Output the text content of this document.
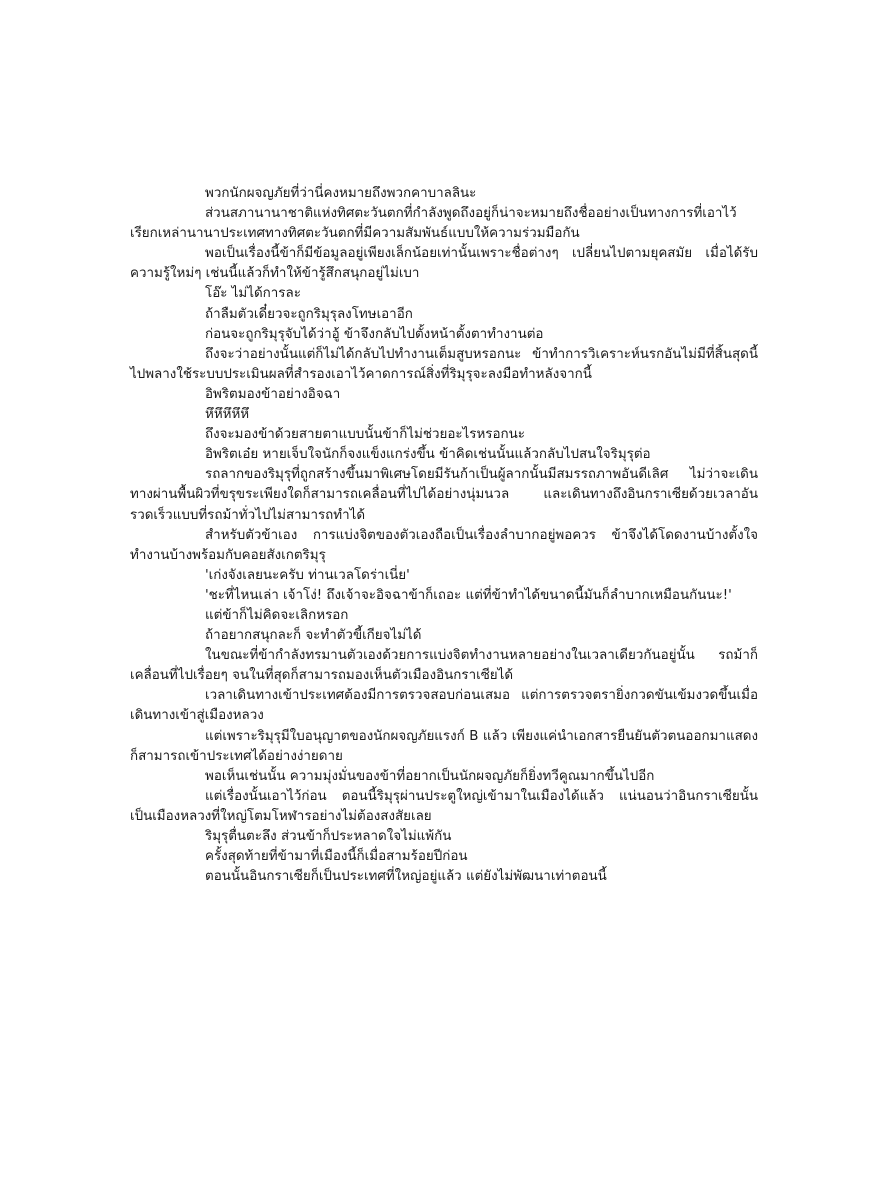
พวกนักผจญภัยที่ว่านี่คงหมายถึงพวกคาบาลลินะ

ส่วนสภานานาชาติแห่งทิศตะวันตกที่กำลังพูดถึงอยู่ก็น่าจะหมายถึงชื่ออย่างเป็นทางการที่เอาไว้เรียกเหล่านานาประเทศทางทิศตะวันตกที่มีความสัมพันธ์แบบให้ความร่วมมือกัน

พอเป็นเรื่องนี้ข้าก็มีข้อมูลอยู่เพียงเล็กน้อยเท่านั้นเพราะชื่อต่างๆ เปลี่ยนไปตามยุคสมัย เมื่อได้รับความรู้ใหม่ๆ เช่นนี้แล้วก็ทำให้ข้ารู้สึกสนุกอยู่ไม่เบา

โอ๊ะ ไม่ได้การละ

ถ้าลืมตัวเดี๋ยวจะถูกริมุรุลงโทษเอาอีก

ก่อนจะถูกริมุรุจับได้ว่าอู้ ข้าจึงกลับไปตั้งหน้าตั้งตาทำงานต่อ

ถึงจะว่าอย่างนั้นแต่ก็ไม่ได้กลับไปทำงานเต็มสูบหรอกนะ ข้าทำการวิเคราะห์นรกอันไม่มีที่สิ้นสุดนี้ไปพลางใช้ระบบประเมินผลที่สำรองเอาไว้คาดการณ์สิ่งที่ริมุรุจะลงมือทำหลังจากนี้

อิพริตมองข้าอย่างอิจฉา

หึหึหึหึหึ

ถึงจะมองข้าด้วยสายตาแบบนั้นข้าก็ไม่ช่วยอะไรหรอกนะ

อิพริตเอ๋ย หายเจ็บใจนักก็จงแข็งแกร่งขึ้น ข้าคิดเช่นนั้นแล้วกลับไปสนใจริมุรุต่อ

รถลากของริมุรุที่ถูกสร้างขึ้นมาพิเศษโดยมีรันก้าเป็นผู้ลากนั้นมีสมรรถภาพอันดีเลิศ ไม่ว่าจะเดินทางผ่านพื้นผิวที่ขรุขระเพียงใดก็สามารถเคลื่อนที่ไปได้อย่างนุ่มนวล และเดินทางถึงอินกราเซียด้วยเวลาอันรวดเร็วแบบที่รถม้าทั่วไปไม่สามารถทำได้

สำหรับตัวข้าเอง การแบ่งจิตของตัวเองถือเป็นเรื่องลำบากอยู่พอควร ข้าจึงได้โดดงานบ้างตั้งใจทำงานบ้างพร้อมกับคอยสังเกตริมุรุ

'เก่งจังเลยนะครับ ท่านเวลโดร่าเนี่ย'

'ชะที่ไหนเล่า เจ้าโง่! ถึงเจ้าจะอิจฉาข้าก็เถอะ แต่ที่ข้าทำได้ขนาดนี้มันก็ลำบากเหมือนกันนะ!'

แต่ข้าก็ไม่คิดจะเลิกหรอก

ถ้าอยากสนุกละก็ จะทำตัวขี้เกียจไม่ได้

ในขณะที่ข้ากำลังทรมานตัวเองด้วยการแบ่งจิตทำงานหลายอย่างในเวลาเดียวกันอยู่นั้น รถม้าก็เคลื่อนที่ไปเรื่อยๆ จนในที่สุดก็สามารถมองเห็นตัวเมืองอินกราเซียได้

เวลาเดินทางเข้าประเทศต้องมีการตรวจสอบก่อนเสมอ แต่การตรวจตรายิ่งกวดขันเข้มงวดขึ้นเมื่อเดินทางเข้าสู่เมืองหลวง

แต่เพราะริมุรุมีใบอนุญาตของนักผจญภัยแรงก์ B แล้ว เพียงแค่นำเอกสารยืนยันตัวตนออกมาแสดงก็สามารถเข้าประเทศได้อย่างง่ายดาย

พอเห็นเช่นนั้น ความมุ่งมั่นของข้าที่อยากเป็นนักผจญภัยก็ยิ่งทวีคูณมากขึ้นไปอีก

แต่เรื่องนั้นเอาไว้ก่อน ตอนนี้ริมุรุผ่านประตูใหญ่เข้ามาในเมืองได้แล้ว แน่นอนว่าอินกราเซียนั้นเป็นเมืองหลวงที่ใหญ่โตมโหฬารอย่างไม่ต้องสงสัยเลย

ริมุรุตื่นตะลึง ส่วนข้าก็ประหลาดใจไม่แพ้กัน

ครั้งสุดท้ายที่ข้ามาที่เมืองนี้ก็เมื่อสามร้อยปีก่อน

ตอนนั้นอินกราเซียก็เป็นประเทศที่ใหญ่อยู่แล้ว แต่ยังไม่พัฒนาเท่าตอนนี้
